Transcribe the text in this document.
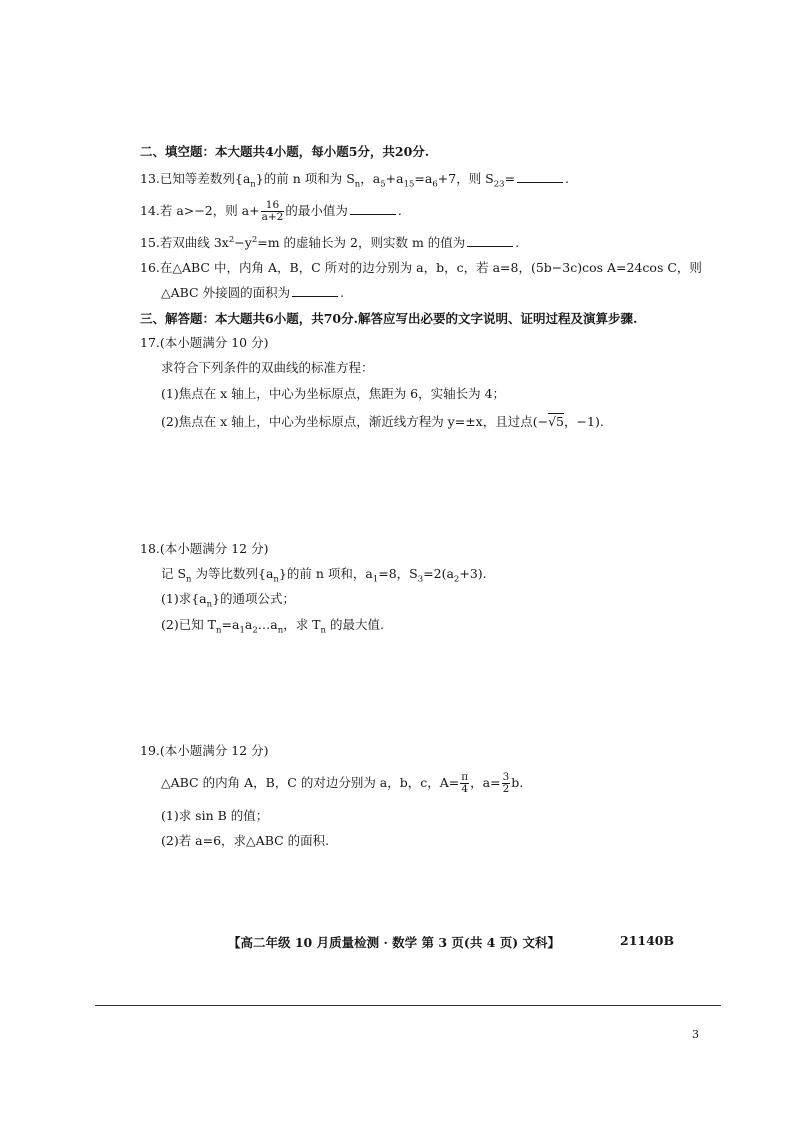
二、填空题：本大题共4小题，每小题5分，共20分.
13.已知等差数列$\{a_n\}$的前 n 项和为 $S_n$，$a_5+a_{15}=a_6+7$，则 $S_{23}=$	.
14.若 a>−2，则 $a+ \frac{16}{a+2}$ 的最小值为	.
15.若双曲线 $3x^2-y^2=m$ 的虚轴长为 2，则实数 m 的值为	.
16.在△ABC 中，内角 A，B，C 所对的边分别为 a，b，c，若 a=8，(5b−3c)cos A=24cos C，则
△ABC 外接圆的面积为	.
三、解答题：本大题共6小题，共70分.解答应写出必要的文字说明、证明过程及演算步骤.
17.(本小题满分 10 分)
求符合下列条件的双曲线的标准方程：
(1)焦点在 x 轴上，中心为坐标原点，焦距为 6，实轴长为 4；
(2)焦点在 x 轴上，中心为坐标原点，渐近线方程为 y=±x，且过点(−√5，−1).
18.(本小题满分 12 分)
记 $S_n$ 为等比数列$\{a_n\}$的前 n 项和，$a_1=8$，$S_3=2(a_2+3)$.
(1)求$\{a_n\}$的通项公式；
(2)已知 $T_n=a_1a_2\dots a_n$，求 $T_n$ 的最大值.
19.(本小题满分 12 分)
△ABC 的内角 A，B，C 的对边分别为 a，b，c，$A= \frac{\pi}{4}$ ，$a= \frac{3}{2} b$.
(1)求 sin B 的值；
(2)若 a=6，求△ABC 的面积.
【高二年级 10 月质量检测 · 数学 第 3 页(共 4 页) 文科】	21140B
3
